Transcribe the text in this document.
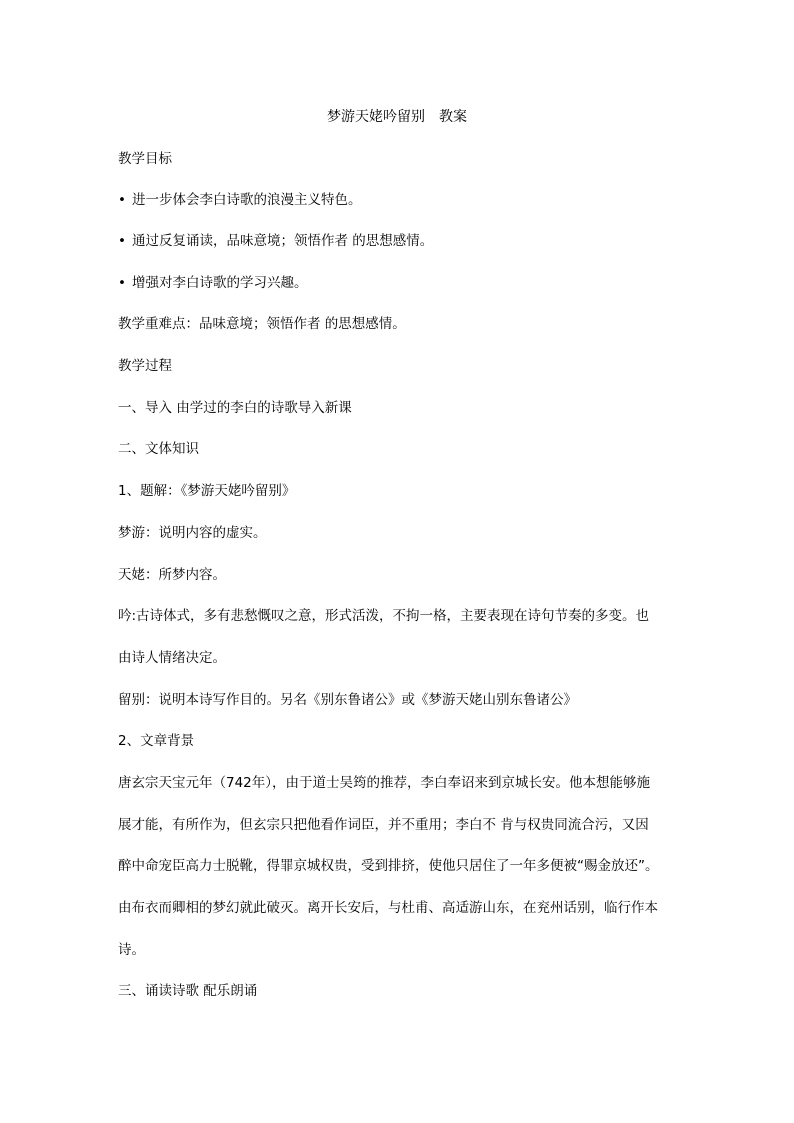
梦游天姥吟留别　教案
教学目标
• 进一步体会李白诗歌的浪漫主义特色。
• 通过反复诵读，品味意境；领悟作者 的思想感情。
• 增强对李白诗歌的学习兴趣。
教学重难点：品味意境；领悟作者 的思想感情。
教学过程
一、导入 由学过的李白的诗歌导入新课
二、文体知识
1、题解：《梦游天姥吟留别》
梦游：说明内容的虚实。
天姥：所梦内容。
吟:古诗体式，多有悲愁慨叹之意，形式活泼，不拘一格，主要表现在诗句节奏的多变。也
由诗人情绪决定。
留别：说明本诗写作目的。另名《别东鲁诸公》或《梦游天姥山别东鲁诸公》
2、文章背景
唐玄宗天宝元年（742年），由于道士吴筠的推荐，李白奉诏来到京城长安。他本想能够施
展才能，有所作为，但玄宗只把他看作词臣，并不重用；李白不 肯与权贵同流合污，又因
醉中命宠臣高力士脱靴，得罪京城权贵，受到排挤，使他只居住了一年多便被“赐金放还”。
由布衣而卿相的梦幻就此破灭。离开长安后，与杜甫、高适游山东，在兖州话别，临行作本
诗。
三、诵读诗歌 配乐朗诵
